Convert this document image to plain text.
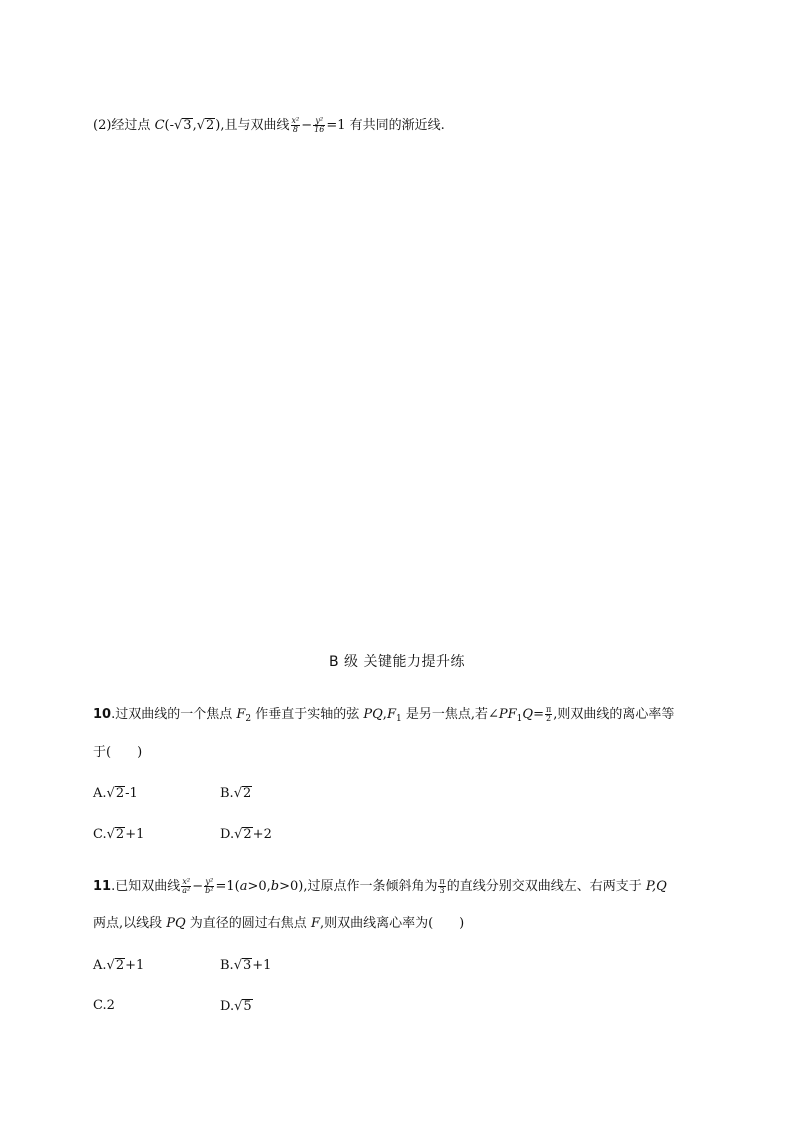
(2)经过点 C(-√3,√2),且与双曲线 $\frac{\text{x²}}{8} - \frac{\text{y²}}{16} =1$ 有共同的渐近线.
B 级 关键能力提升练
10.过双曲线的一个焦点 $F_2$ 作垂直于实轴的弦 $PQ,F_1$ 是另一焦点,若$\angle PF_1Q= \frac{\pi}{2}$ ,则双曲线的离心率等
于(　　)
A.√2-1	B.√2
C.√2+1	D.√2+2
11.已知双曲线 $\frac{\text{x²}}{\text{a²}} - \frac{\text{y²}}{\text{b²}} =1(a>0,b>0)$,过原点作一条倾斜角为 $\frac{\pi}{3}$ 的直线分别交双曲线左、右两支于 P,Q
两点,以线段 PQ 为直径的圆过右焦点 F,则双曲线离心率为(　　)
A.√2+1	B.√3+1
C.2	D.√5
